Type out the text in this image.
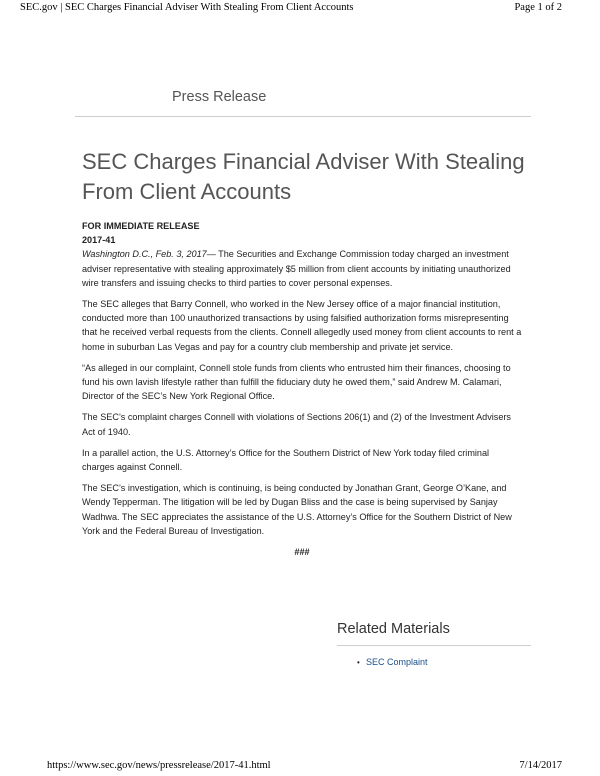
SEC.gov | SEC Charges Financial Adviser With Stealing From Client Accounts	Page 1 of 2
Press Release
SEC Charges Financial Adviser With Stealing From Client Accounts
FOR IMMEDIATE RELEASE
2017-41

Washington D.C., Feb. 3, 2017— The Securities and Exchange Commission today charged an investment adviser representative with stealing approximately $5 million from client accounts by initiating unauthorized wire transfers and issuing checks to third parties to cover personal expenses.

The SEC alleges that Barry Connell, who worked in the New Jersey office of a major financial institution, conducted more than 100 unauthorized transactions by using falsified authorization forms misrepresenting that he received verbal requests from the clients. Connell allegedly used money from client accounts to rent a home in suburban Las Vegas and pay for a country club membership and private jet service.

“As alleged in our complaint, Connell stole funds from clients who entrusted him their finances, choosing to fund his own lavish lifestyle rather than fulfill the fiduciary duty he owed them,” said Andrew M. Calamari, Director of the SEC’s New York Regional Office.

The SEC’s complaint charges Connell with violations of Sections 206(1) and (2) of the Investment Advisers Act of 1940.

In a parallel action, the U.S. Attorney’s Office for the Southern District of New York today filed criminal charges against Connell.

The SEC’s investigation, which is continuing, is being conducted by Jonathan Grant, George O’Kane, and Wendy Tepperman. The litigation will be led by Dugan Bliss and the case is being supervised by Sanjay Wadhwa. The SEC appreciates the assistance of the U.S. Attorney’s Office for the Southern District of New York and the Federal Bureau of Investigation.

###
Related Materials
• SEC Complaint
https://www.sec.gov/news/pressrelease/2017-41.html	7/14/2017
